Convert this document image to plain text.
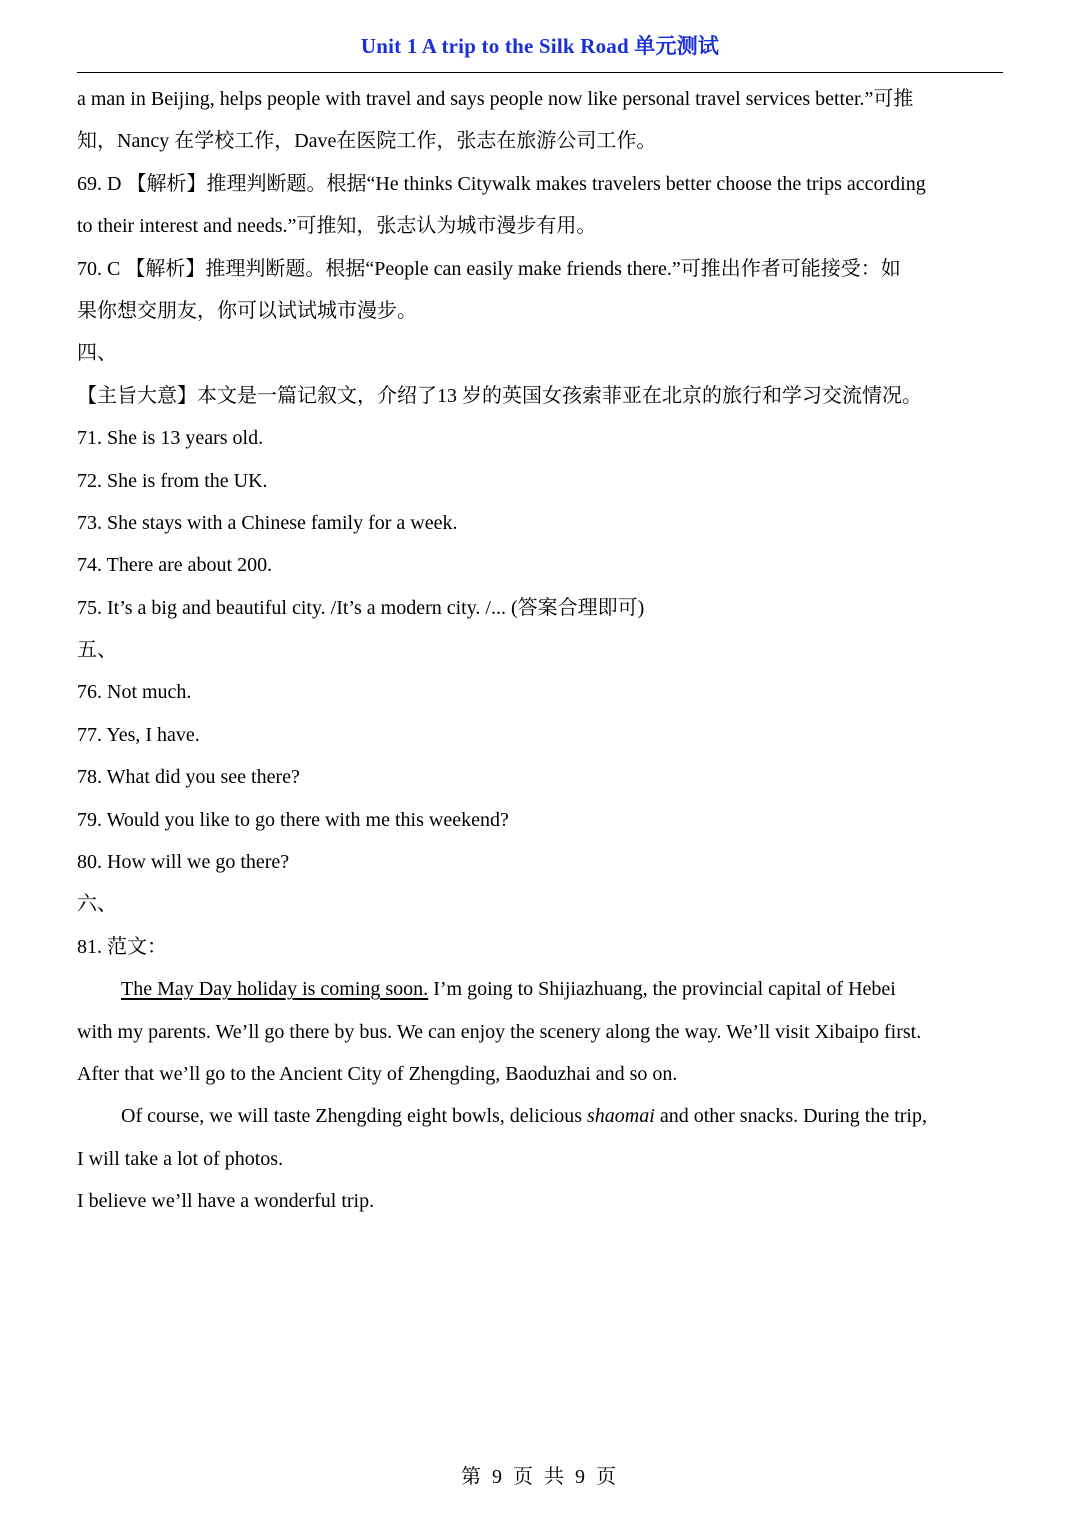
Unit 1 A trip to the Silk Road 单元测试
a man in Beijing, helps people with travel and says people now like personal travel services better.”可推
知，Nancy 在学校工作，Dave在医院工作，张志在旅游公司工作。
69. D 【解析】推理判断题。根据“He thinks Citywalk makes travelers better choose the trips according
to their interest and needs.”可推知，张志认为城市漫步有用。
70. C 【解析】推理判断题。根据“People can easily make friends there.”可推出作者可能接受：如
果你想交朋友，你可以试试城市漫步。
四、
【主旨大意】本文是一篇记叙文，介绍了13 岁的英国女孩索菲亚在北京的旅行和学习交流情况。
71. She is 13 years old.
72. She is from the UK.
73. She stays with a Chinese family for a week.
74. There are about 200.
75. It’s a big and beautiful city. /It’s a modern city. /... (答案合理即可)
五、
76. Not much.
77. Yes, I have.
78. What did you see there?
79. Would you like to go there with me this weekend?
80. How will we go there?
六、
81. 范文：
The May Day holiday is coming soon. I’m going to Shijiazhuang, the provincial capital of Hebei
with my parents. We’ll go there by bus. We can enjoy the scenery along the way. We’ll visit Xibaipo first.
After that we’ll go to the Ancient City of Zhengding, Baoduzhai and so on.
Of course, we will taste Zhengding eight bowls, delicious shaomai and other snacks. During the trip,
I will take a lot of photos.
I believe we’ll have a wonderful trip.
第 9 页 共 9 页
